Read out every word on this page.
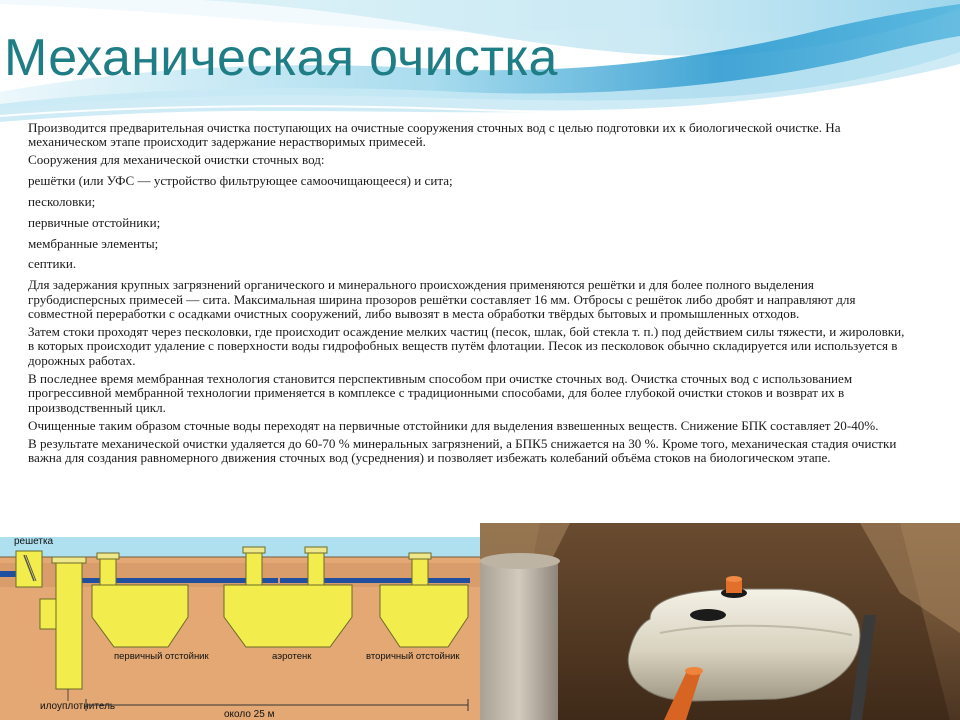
Механическая очистка

Производится предварительная очистка поступающих на очистные сооружения сточных вод с целью подготовки их к биологической очистке. На механическом этапе происходит задержание нерастворимых примесей.

Сооружения для механической очистки сточных вод:

решётки (или УФС — устройство фильтрующее самоочищающееся) и сита;

песколовки;

первичные отстойники;

мембранные элементы;

септики.

Для задержания крупных загрязнений органического и минерального происхождения применяются решётки и для более полного выделения грубодисперсных примесей — сита. Максимальная ширина прозоров решётки составляет 16 мм. Отбросы с решёток либо дробят и направляют для совместной переработки с осадками очистных сооружений, либо вывозят в места обработки твёрдых бытовых и промышленных отходов.

Затем стоки проходят через песколовки, где происходит осаждение мелких частиц (песок, шлак, бой стекла т. п.) под действием силы тяжести, и жироловки, в которых происходит удаление с поверхности воды гидрофобных веществ путём флотации. Песок из песколовок обычно складируется или используется в дорожных работах.

В последнее время мембранная технология становится перспективным способом при очистке сточных вод. Очистка сточных вод с использованием прогрессивной мембранной технологии применяется в комплексе с традиционными способами, для более глубокой очистки стоков и возврат их в производственный цикл.

Очищенные таким образом сточные воды переходят на первичные отстойники для выделения взвешенных веществ. Снижение БПК составляет 20-40%.

В результате механической очистки удаляется до 60-70 % минеральных загрязнений, а БПК5 снижается на 30 %. Кроме того, механическая стадия очистки важна для создания равномерного движения сточных вод (усреднения) и позволяет избежать колебаний объёма стоков на биологическом этапе.

решетка
илоуплотнитель
первичный отстойник	аэротенк	вторичный отстойник
около 25 м
